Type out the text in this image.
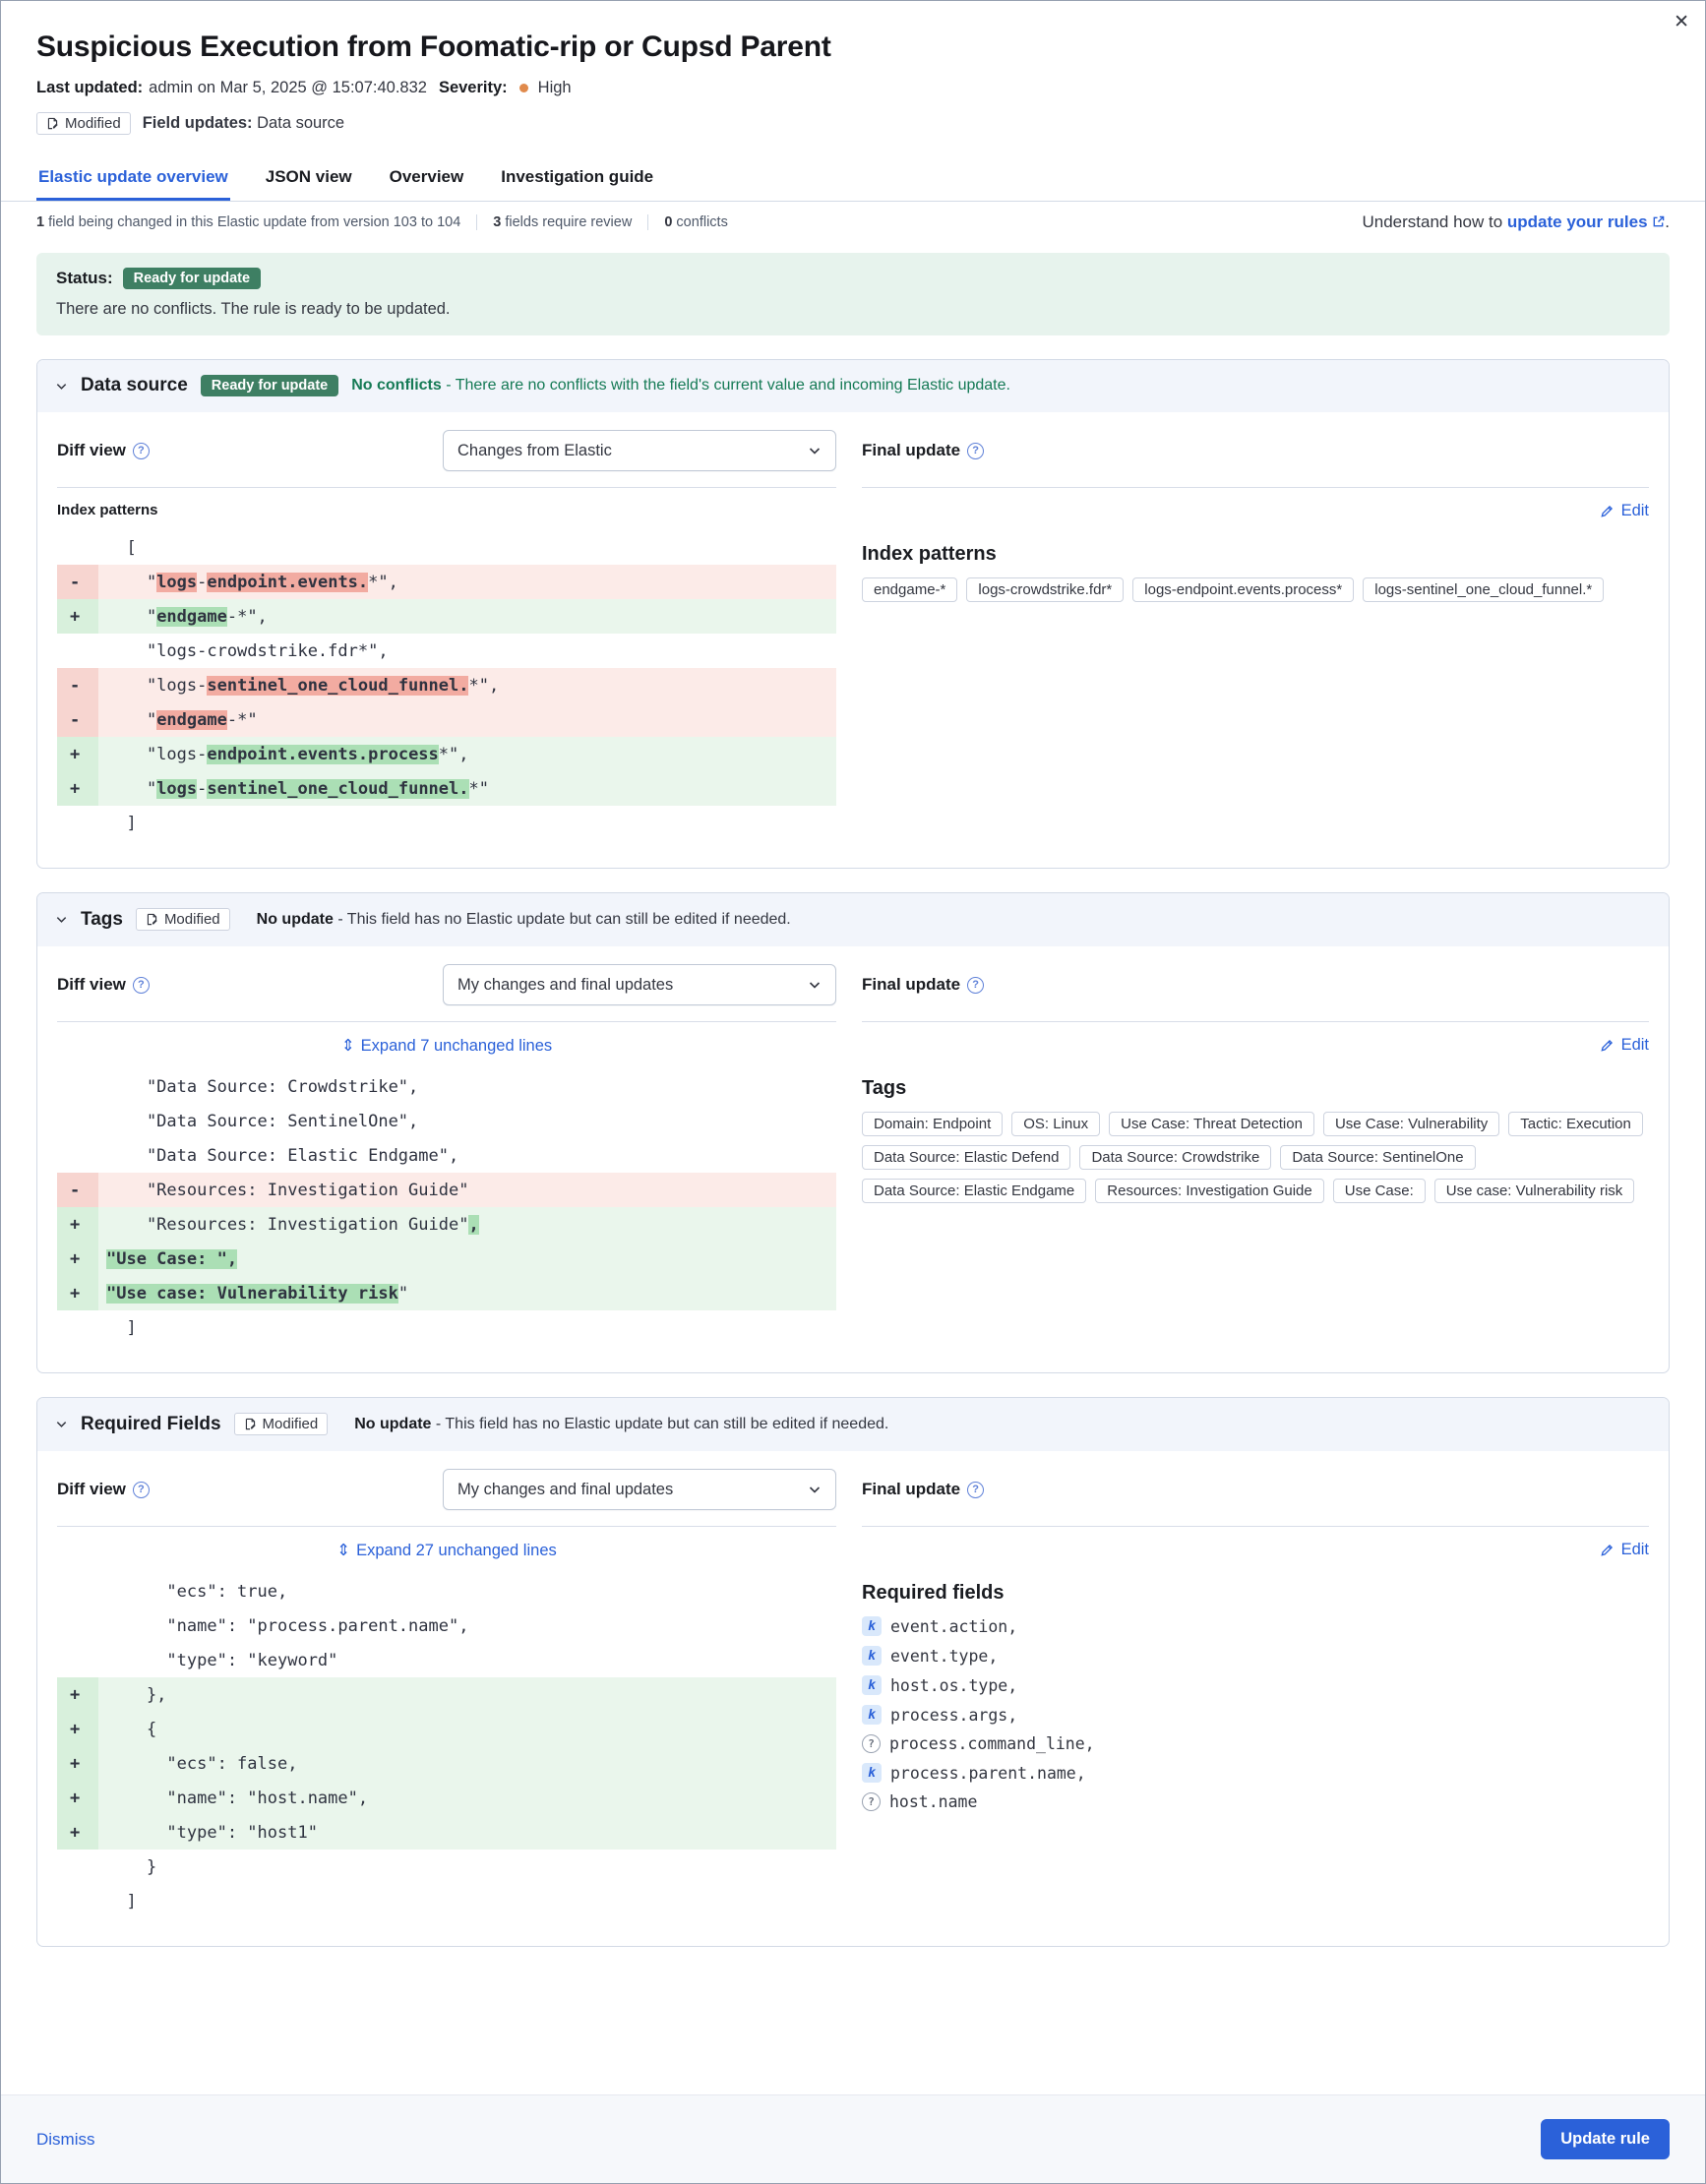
✕
Suspicious Execution from Foomatic-rip or Cupsd Parent
Last updated: admin on Mar 5, 2025 @ 15:07:40.832 Severity: High
Modified Field updates: Data source
Elastic update overview JSON view Overview Investigation guide
1 field being changed in this Elastic update from version 103 to 104	3 fields require review	0 conflicts	Understand how to update your rules .
Status:	Ready for update
There are no conflicts. The rule is ready to be updated.
Data source	Ready for update	No conflicts - There are no conflicts with the field's current value and incoming Elastic update.
Diff view	?	Changes from Elastic
Index patterns
[
-	" logs - endpoint.events. *",
+	" endgame -*",
"logs-crowdstrike.fdr*",
-	"logs- sentinel_one_cloud_funnel. *",
-	" endgame -*"
+	"logs- endpoint. events.process *",
+	" logs - sentinel_one_cloud_funnel. *"
]
Final update	?
Edit
Index patterns
endgame-*	logs-crowdstrike.fdr*	logs-endpoint.events.process*	logs-sentinel_one_cloud_funnel.*
Tags	Modified No update - This field has no Elastic update but can still be edited if needed.
Diff view	?	My changes and final updates
⇕ Expand 7 unchanged lines
"Data Source: Crowdstrike",
"Data Source: SentinelOne",
"Data Source: Elastic Endgame",
-	"Resources: Investigation Guide"
+	"Resources: Investigation Guide" ,
+	"Use Case: ",
+	"Use case: Vulnerability risk "
]
Final update	?
Edit
Tags
Domain: Endpoint	OS: Linux	Use Case: Threat Detection	Use Case: Vulnerability	Tactic: Execution
Data Source: Elastic Defend	Data Source: Crowdstrike	Data Source: SentinelOne
Data Source: Elastic Endgame	Resources: Investigation Guide	Use Case:	Use case: Vulnerability risk
Required Fields	Modified No update - This field has no Elastic update but can still be edited if needed.
Diff view	?	My changes and final updates
⇕ Expand 27 unchanged lines
"ecs": true,
"name": "process.parent.name",
"type": "keyword"
+	},
+	{
+	"ecs": false,
+	"name": "host.name",
+	"type": "host1"
}
]
Final update	?
Edit
Required fields
k event.action,
k event.type,
k host.os.type,
k process.args,
? process.command_line,
k process.parent.name,
? host.name
Dismiss	Update rule
